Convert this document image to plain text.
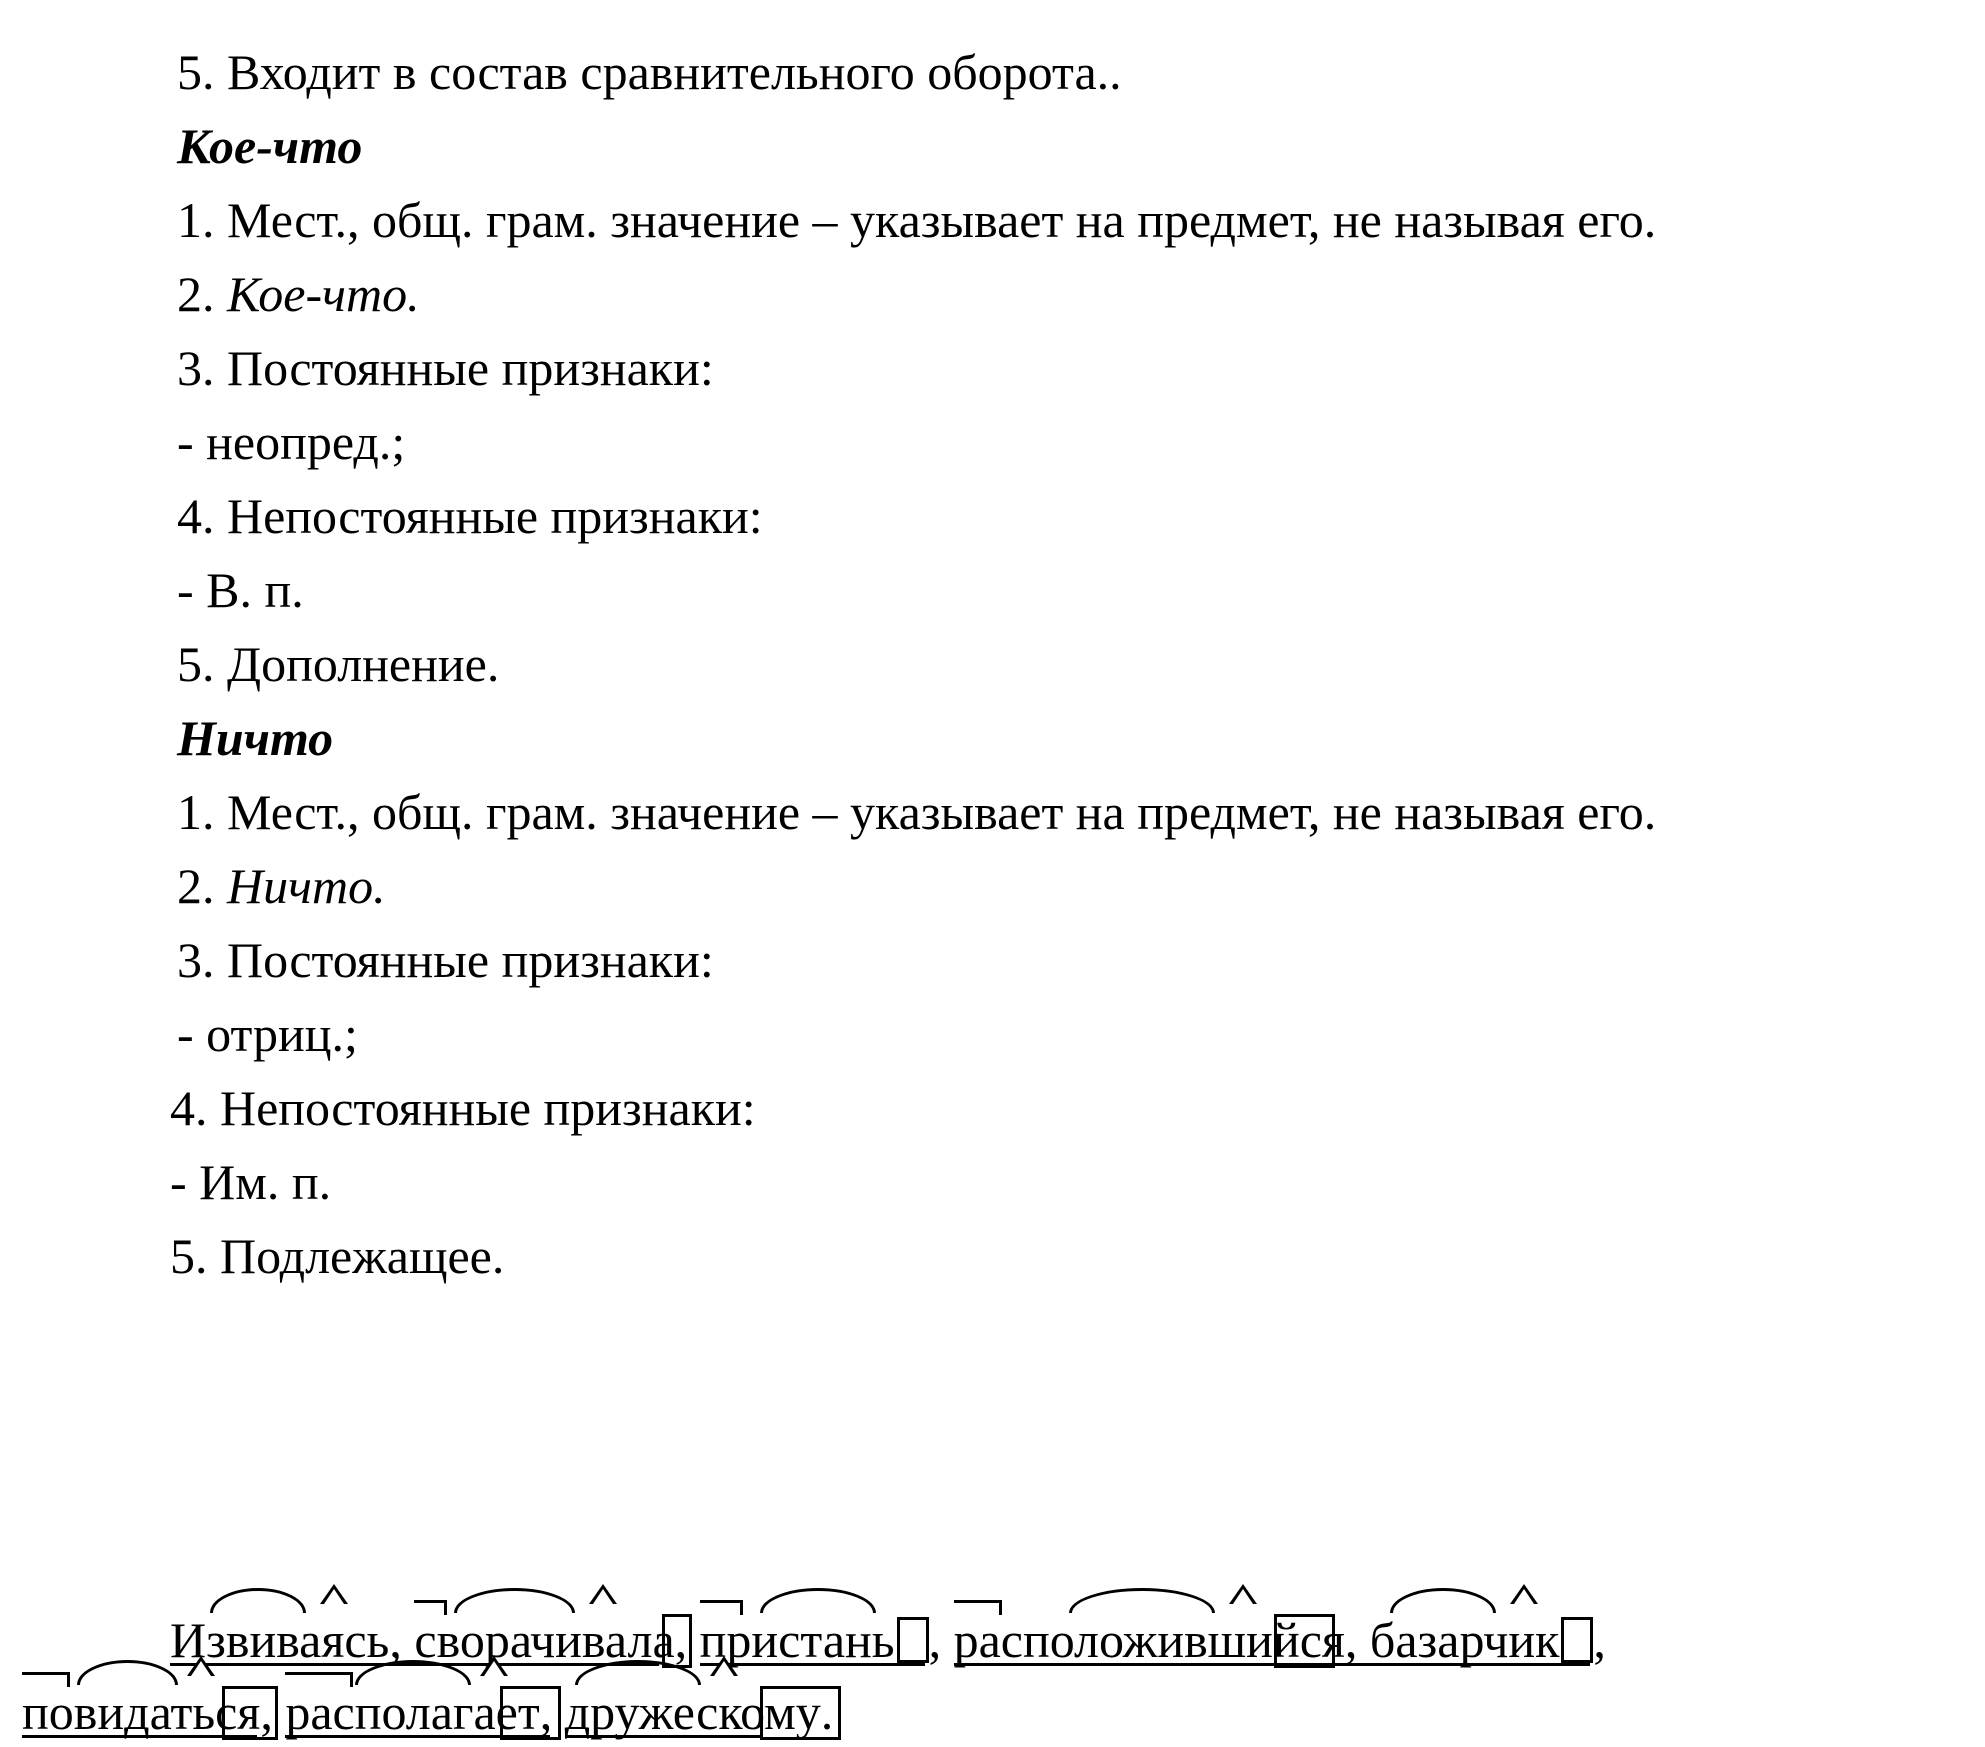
5. Входит в состав сравнительного оборота..
Кое-что
1. Мест., общ. грам. значение – указывает на предмет, не называя его.
2. Кое-что.
3. Постоянные признаки:
- неопред.;
4. Непостоянные признаки:
- В. п.
5. Дополнение.
Ничто
1. Мест., общ. грам. значение – указывает на предмет, не называя его.
2. Ничто.
3. Постоянные признаки:
- отриц.;
4. Непостоянные признаки:
- Им. п.
5. Подлежащее.
Извиваясь,
сворачивала,
пристань ,
расположившийся,
базарчик ,
повидаться,
располагает,
дружескому.
